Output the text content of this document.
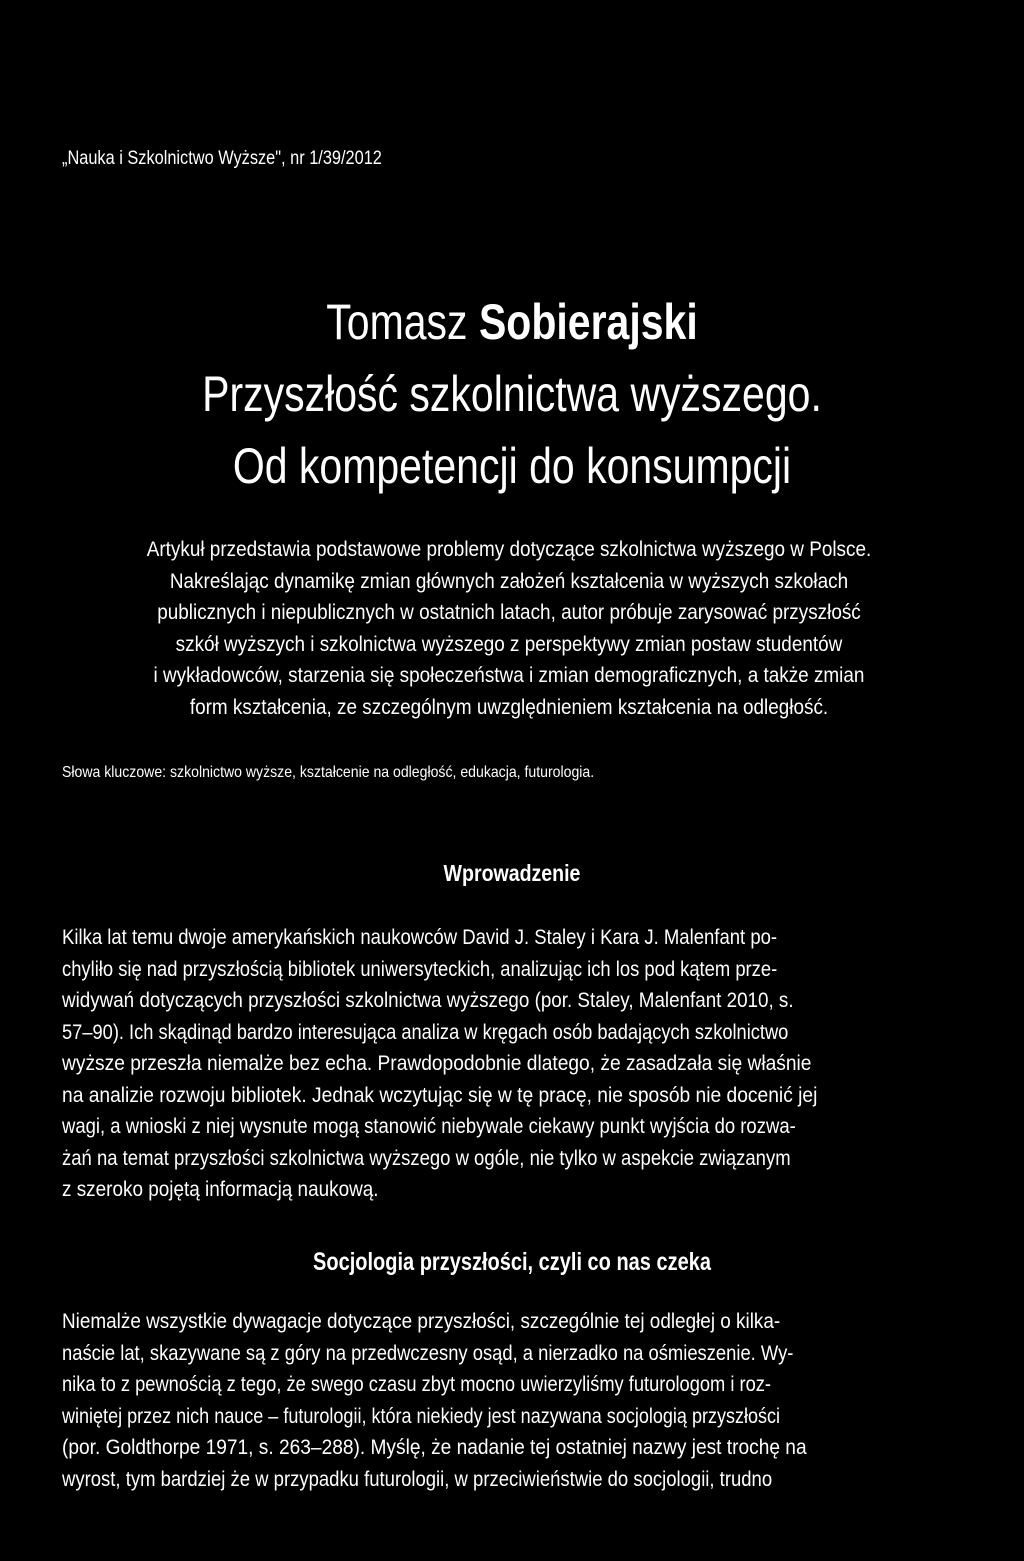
„Nauka i Szkolnictwo Wyższe", nr 1/39/2012
Tomasz Sobierajski
Przyszłość szkolnictwa wyższego.
Od kompetencji do konsumpcji
Artykuł przedstawia podstawowe problemy dotyczące szkolnictwa wyższego w Polsce.
Nakreślając dynamikę zmian głównych założeń kształcenia w wyższych szkołach
publicznych i niepublicznych w ostatnich latach, autor próbuje zarysować przyszłość
szkół wyższych i szkolnictwa wyższego z perspektywy zmian postaw studentów
i wykładowców, starzenia się społeczeństwa i zmian demograficznych, a także zmian
form kształcenia, ze szczególnym uwzględnieniem kształcenia na odległość.
Słowa kluczowe: szkolnictwo wyższe, kształcenie na odległość, edukacja, futurologia.
Wprowadzenie
Kilka lat temu dwoje amerykańskich naukowców David J. Staley i Kara J. Malenfant po-
chyliło się nad przyszłością bibliotek uniwersyteckich, analizując ich los pod kątem prze-
widywań dotyczących przyszłości szkolnictwa wyższego (por. Staley, Malenfant 2010, s.
57–90). Ich skądinąd bardzo interesująca analiza w kręgach osób badających szkolnictwo
wyższe przeszła niemalże bez echa. Prawdopodobnie dlatego, że zasadzała się właśnie
na analizie rozwoju bibliotek. Jednak wczytując się w tę pracę, nie sposób nie docenić jej
wagi, a wnioski z niej wysnute mogą stanowić niebywale ciekawy punkt wyjścia do rozwa-
żań na temat przyszłości szkolnictwa wyższego w ogóle, nie tylko w aspekcie związanym
z szeroko pojętą informacją naukową.
Socjologia przyszłości, czyli co nas czeka
Niemalże wszystkie dywagacje dotyczące przyszłości, szczególnie tej odległej o kilka-
naście lat, skazywane są z góry na przedwczesny osąd, a nierzadko na ośmieszenie. Wy-
nika to z pewnością z tego, że swego czasu zbyt mocno uwierzyliśmy futurologom i roz-
winiętej przez nich nauce – futurologii, która niekiedy jest nazywana socjologią przyszłości
(por. Goldthorpe 1971, s. 263–288). Myślę, że nadanie tej ostatniej nazwy jest trochę na
wyrost, tym bardziej że w przypadku futurologii, w przeciwieństwie do socjologii, trudno
